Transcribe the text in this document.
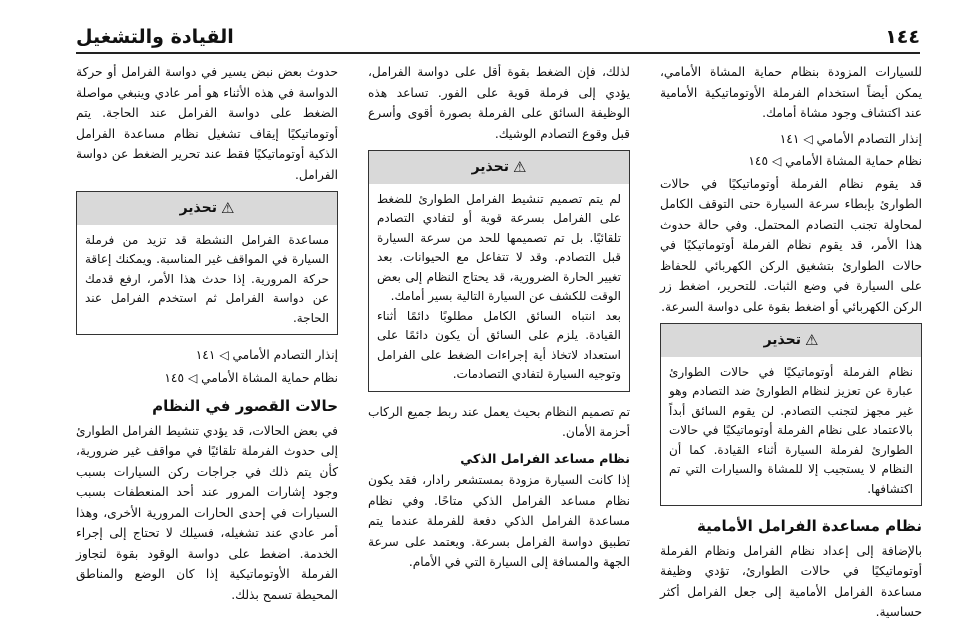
١٤٤
القيادة والتشغيل

للسيارات المزودة بنظام حماية المشاة الأمامي، يمكن أيضاً استخدام الفرملة الأوتوماتيكية الأمامية عند اكتشاف وجود مشاة أمامك.

إنذار التصادم الأمامي ◁ ١٤١

نظام حماية المشاة الأمامي ◁ ١٤٥

قد يقوم نظام الفرملة أوتوماتيكيًا في حالات الطوارئ بإبطاء سرعة السيارة حتى التوقف الكامل لمحاولة تجنب التصادم المحتمل. وفي حالة حدوث هذا الأمر، قد يقوم نظام الفرملة أوتوماتيكيًا في حالات الطوارئ بتشغيق الركن الكهربائي للحفاظ على السيارة في وضع الثبات. للتحرير، اضغط زر الركن الكهربائي أو اضغط بقوة على دواسة السرعة.

⚠
تحذير
نظام الفرملة أوتوماتيكيًا في حالات الطوارئ عبارة عن تعزيز لنظام الطوارئ ضد التصادم وهو غير مجهز لتجنب التصادم. لن يقوم السائق أبداً بالاعتماد على نظام الفرملة أوتوماتيكيًا في حالات الطوارئ لفرملة السيارة أثناء القيادة. كما أن النظام لا يستجيب إلا للمشاة والسيارات التي تم اكتشافها.
نظام مساعدة الفرامل الأمامية

بالإضافة إلى إعداد نظام الفرامل ونظام الفرملة أوتوماتيكيًا في حالات الطوارئ، تؤدي وظيفة مساعدة الفرامل الأمامية إلى جعل الفرامل أكثر حساسية.

لذلك، فإن الضغط بقوة أقل على دواسة الفرامل، يؤدي إلى فرملة قوية على الفور. تساعد هذه الوظيفة السائق على الفرملة بصورة أقوى وأسرع قبل وقوع التصادم الوشيك.

⚠
تحذير
لم يتم تصميم تنشيط الفرامل الطوارئ للضغط على الفرامل بسرعة قوية أو لتفادي التصادم تلقائيًا. بل تم تصميمها للحد من سرعة السيارة قبل التصادم. وقد لا تتفاعل مع الحيوانات. بعد تغيير الحارة الضرورية، قد يحتاج النظام إلى بعض الوقت للكشف عن السيارة التالية بسير أمامك.
بعد انتباه السائق الكامل مطلوبًا دائمًا أثناء القيادة. يلزم على السائق أن يكون دائمًا على استعداد لاتخاذ أية إجراءات الضغط على الفرامل وتوجيه السيارة لتفادي التصادمات.

تم تصميم النظام بحيث يعمل عند ربط جميع الركاب أحزمة الأمان.

نظام مساعد الفرامل الذكي

إذا كانت السيارة مزودة بمستشعر رادار، فقد يكون نظام مساعد الفرامل الذكي متاحًا. وفي نظام مساعدة الفرامل الذكي دفعة للفرملة عندما يتم تطبيق دواسة الفرامل بسرعة. ويعتمد على سرعة الجهة والمسافة إلى السيارة التي في الأمام.

حدوث بعض نبض يسير في دواسة الفرامل أو حركة الدواسة في هذه الأثناء هو أمر عادي وينبغي مواصلة الضغط على دواسة الفرامل عند الحاجة. يتم أوتوماتيكيًا إيقاف تشغيل نظام مساعدة الفرامل الذكية أوتوماتيكيًا فقط عند تحرير الضغط عن دواسة الفرامل.

⚠
تحذير
مساعدة الفرامل النشطة قد تزيد من فرملة السيارة في المواقف غير المناسبة. ويمكنك إعاقة حركة المرورية. إذا حدث هذا الأمر، ارفع قدمك عن دواسة الفرامل ثم استخدم الفرامل عند الحاجة.

إنذار التصادم الأمامي ◁ ١٤١

نظام حماية المشاة الأمامي ◁ ١٤٥

حالات القصور في النظام

في بعض الحالات، قد يؤدي تنشيط الفرامل الطوارئ إلى حدوث الفرملة تلقائيًا في مواقف غير ضرورية، كأن يتم ذلك في جراجات ركن السيارات بسبب وجود إشارات المرور عند أحد المنعطفات بسبب السيارات في إحدى الحارات المرورية الأخرى، وهذا أمر عادي عند تشغيله، فسيلك لا تحتاج إلى إجراء الخدمة. اضغط على دواسة الوقود بقوة لتجاوز الفرملة الأوتوماتيكية إذا كان الوضع والمناطق المحيطة تسمح بذلك.
